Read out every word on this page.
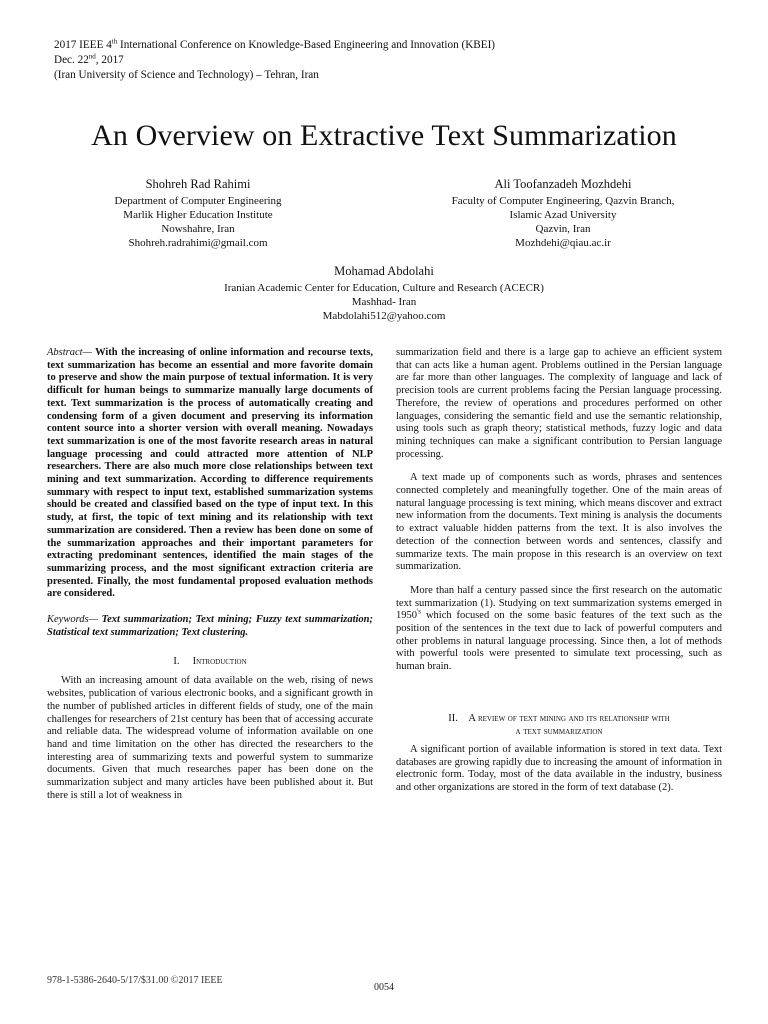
2017 IEEE 4th International Conference on Knowledge-Based Engineering and Innovation (KBEI)
Dec. 22nd, 2017
(Iran University of Science and Technology) – Tehran, Iran
An Overview on Extractive Text Summarization
Shohreh Rad Rahimi
Department of Computer Engineering
Marlik Higher Education Institute
Nowshahre, Iran
Shohreh.radrahimi@gmail.com
Ali Toofanzadeh Mozhdehi
Faculty of Computer Engineering, Qazvin Branch,
Islamic Azad University
Qazvin, Iran
Mozhdehi@qiau.ac.ir
Mohamad Abdolahi
Iranian Academic Center for Education, Culture and Research (ACECR)
Mashhad- Iran
Mabdolahi512@yahoo.com

Abstract— With the increasing of online information and recourse texts, text summarization has become an essential and more favorite domain to preserve and show the main purpose of textual information. It is very difficult for human beings to summarize manually large documents of text. Text summarization is the process of automatically creating and condensing form of a given document and preserving its information content source into a shorter version with overall meaning. Nowadays text summarization is one of the most favorite research areas in natural language processing and could attracted more attention of NLP researchers. There are also much more close relationships between text mining and text summarization. According to difference requirements summary with respect to input text, established summarization systems should be created and classified based on the type of input text. In this study, at first, the topic of text mining and its relationship with text summarization are considered. Then a review has been done on some of the summarization approaches and their important parameters for extracting predominant sentences, identified the main stages of the summarizing process, and the most significant extraction criteria are presented. Finally, the most fundamental proposed evaluation methods are considered.

Keywords— Text summarization; Text mining; Fuzzy text summarization; Statistical text summarization; Text clustering.

I. Introduction

With an increasing amount of data available on the web, rising of news websites, publication of various electronic books, and a significant growth in the number of published articles in different fields of study, one of the main challenges for researchers of 21st century has been that of accessing accurate and reliable data. The widespread volume of information available on one hand and time limitation on the other has directed the researchers to the interesting area of summarizing texts and powerful system to summarize documents. Given that much researches paper has been done on the summarization subject and many articles have been published about it. But there is still a lot of weakness in

summarization field and there is a large gap to achieve an efficient system that can acts like a human agent. Problems outlined in the Persian language are far more than other languages. The complexity of language and lack of precision tools are current problems facing the Persian language processing. Therefore, the review of operations and procedures performed on other languages, considering the semantic field and use the semantic relationship, using tools such as graph theory; statistical methods, fuzzy logic and data mining techniques can make a significant contribution to Persian language processing.

A text made up of components such as words, phrases and sentences connected completely and meaningfully together. One of the main areas of natural language processing is text mining, which means discover and extract new information from the documents. Text mining is analysis the documents to extract valuable hidden patterns from the text. It is also involves the detection of the connection between words and sentences, classify and summarize texts. The main propose in this research is an overview on text summarization.

More than half a century passed since the first research on the automatic text summarization (1). Studying on text summarization systems emerged in $1950^{'s}$ which focused on the some basic features of the text such as the position of the sentences in the text due to lack of powerful computers and other problems in natural language processing. Since then, a lot of methods with powerful tools were presented to simulate text processing, such as human brain.

II. A review of text mining and its relationship with
a text summarization

A significant portion of available information is stored in text data. Text databases are growing rapidly due to increasing the amount of information in electronic form. Today, most of the data available in the industry, business and other organizations are stored in the form of text database (2).

978-1-5386-2640-5/17/$31.00 ©2017 IEEE
0054
